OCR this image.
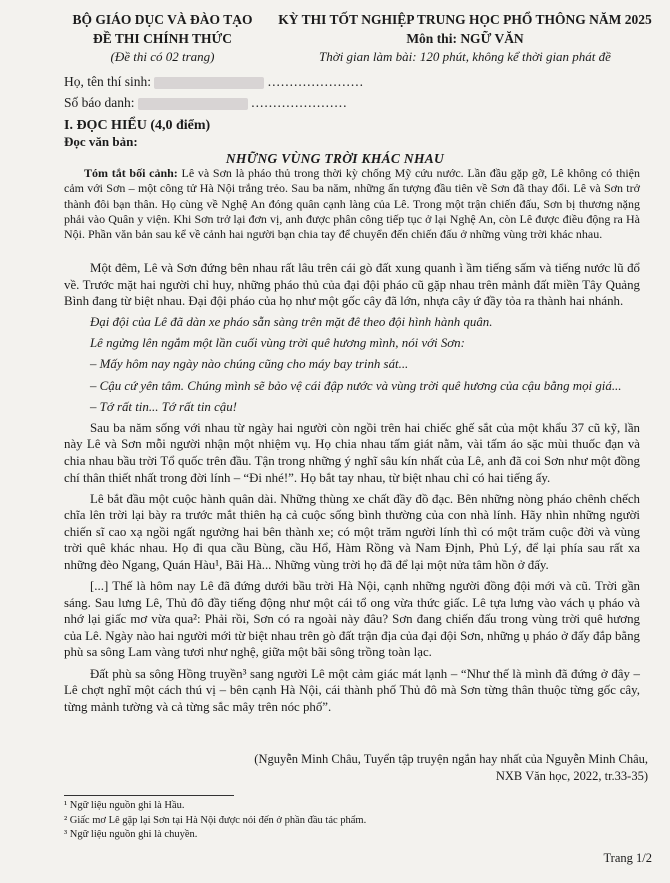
BỘ GIÁO DỤC VÀ ĐÀO TẠO
ĐỀ THI CHÍNH THỨC
(Đề thi có 02 trang)
KỲ THI TỐT NGHIỆP TRUNG HỌC PHỔ THÔNG NĂM 2025
Môn thi: NGỮ VĂN
Thời gian làm bài: 120 phút, không kể thời gian phát đề
Họ, tên thí sinh:	......................
Số báo danh:	......................
I. ĐỌC HIỂU (4,0 điểm)
Đọc văn bản:
NHỮNG VÙNG TRỜI KHÁC NHAU

Tóm tắt bối cảnh: Lê và Sơn là pháo thủ trong thời kỳ chống Mỹ cứu nước. Lần đầu gặp gỡ, Lê không có thiện cảm với Sơn – một công tử Hà Nội trắng trẻo. Sau ba năm, những ấn tượng đầu tiên về Sơn đã thay đổi. Lê và Sơn trở thành đôi bạn thân. Họ cùng về Nghệ An đóng quân cạnh làng của Lê. Trong một trận chiến đấu, Sơn bị thương nặng phải vào Quân y viện. Khi Sơn trở lại đơn vị, anh được phân công tiếp tục ở lại Nghệ An, còn Lê được điều động ra Hà Nội. Phần văn bản sau kể về cảnh hai người bạn chia tay để chuyển đến chiến đấu ở những vùng trời khác nhau.

Một đêm, Lê và Sơn đứng bên nhau rất lâu trên cái gò đất xung quanh ì ầm tiếng sấm và tiếng nước lũ đổ về. Trước mặt hai người chỉ huy, những pháo thủ của đại đội pháo cũ gặp nhau trên mảnh đất miền Tây Quảng Bình đang từ biệt nhau. Đại đội pháo của họ như một gốc cây đã lớn, nhựa cây ứ đầy tỏa ra thành hai nhánh.

Đại đội của Lê đã dàn xe pháo sẵn sàng trên mặt đê theo đội hình hành quân.

Lê ngửng lên ngắm một lần cuối vùng trời quê hương mình, nói với Sơn:

– Mấy hôm nay ngày nào chúng cũng cho máy bay trinh sát...

– Cậu cứ yên tâm. Chúng mình sẽ bảo vệ cái đập nước và vùng trời quê hương của cậu bằng mọi giá...

– Tớ rất tin... Tớ rất tin cậu!

Sau ba năm sống với nhau từ ngày hai người còn ngồi trên hai chiếc ghế sắt của một khẩu 37 cũ kỹ, lần này Lê và Sơn mỗi người nhận một nhiệm vụ. Họ chia nhau tấm giát nằm, vài tấm áo sặc mùi thuốc đạn và chia nhau bầu trời Tổ quốc trên đầu. Tận trong những ý nghĩ sâu kín nhất của Lê, anh đã coi Sơn như một đồng chí thân thiết nhất trong đời lính – “Đi nhé!”. Họ bắt tay nhau, từ biệt nhau chỉ có hai tiếng ấy.

Lê bắt đầu một cuộc hành quân dài. Những thùng xe chất đầy đồ đạc. Bên những nòng pháo chênh chếch chĩa lên trời lại bày ra trước mắt thiên hạ cả cuộc sống bình thường của con nhà lính. Hãy nhìn những người chiến sĩ cao xạ ngồi ngất ngưởng hai bên thành xe; có một trăm người lính thì có một trăm cuộc đời và vùng trời quê khác nhau. Họ đi qua cầu Bùng, cầu Hổ, Hàm Rồng và Nam Định, Phủ Lý, để lại phía sau rất xa những đèo Ngang, Quán Hàu¹, Bãi Hà... Những vùng trời họ đã để lại một nửa tâm hồn ở đấy.

[...] Thế là hôm nay Lê đã đứng dưới bầu trời Hà Nội, cạnh những người đồng đội mới và cũ. Trời gần sáng. Sau lưng Lê, Thủ đô đầy tiếng động như một cái tổ ong vừa thức giấc. Lê tựa lưng vào vách ụ pháo và nhớ lại giấc mơ vừa qua²: Phải rồi, Sơn có ra ngoài này đâu? Sơn đang chiến đấu trong vùng trời quê hương của Lê. Ngày nào hai người mới từ biệt nhau trên gò đất trận địa của đại đội Sơn, những ụ pháo ở đấy đắp bằng phù sa sông Lam vàng tươi như nghệ, giữa một bãi sông trồng toàn lạc.

Đất phù sa sông Hồng truyền³ sang người Lê một cảm giác mát lạnh – “Như thế là mình đã đứng ở đây – Lê chợt nghĩ một cách thú vị – bên cạnh Hà Nội, cái thành phố Thủ đô mà Sơn từng thân thuộc từng gốc cây, từng mảnh tường và cả từng sắc mây trên nóc phố”.

(Nguyễn Minh Châu, Tuyển tập truyện ngắn hay nhất của Nguyễn Minh Châu,
NXB Văn học, 2022, tr.33-35)
¹ Ngữ liệu nguồn ghi là Hầu.
² Giấc mơ Lê gặp lại Sơn tại Hà Nội được nói đến ở phần đầu tác phẩm.
³ Ngữ liệu nguồn ghi là chuyền.
Trang 1/2
